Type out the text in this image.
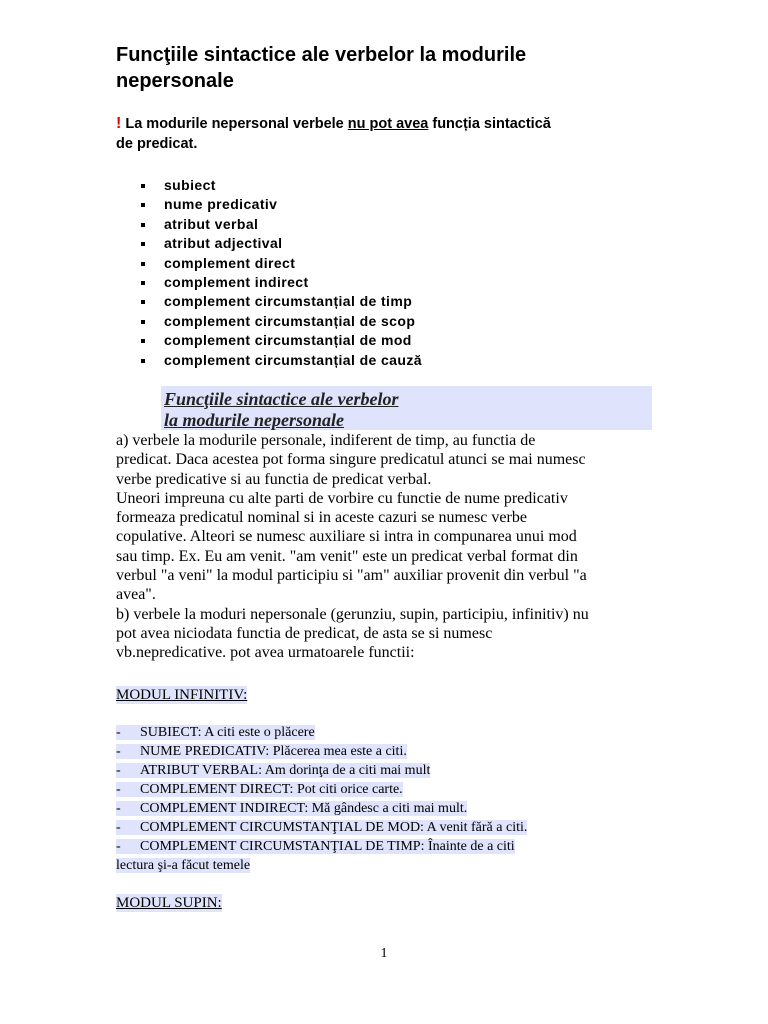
Funcţiile sintactice ale verbelor la modurile
nepersonale

! La modurile nepersonal verbele nu pot avea funcția sintactică
de predicat.

subiect
nume predicativ
atribut verbal
atribut adjectival
complement direct
complement indirect
complement circumstanțial de timp
complement circumstanțial de scop
complement circumstanțial de mod
complement circumstanțial de cauză

Funcţiile sintactice ale verbelor

la modurile nepersonale

a) verbele la modurile personale, indiferent de timp, au functia de

predicat. Daca acestea pot forma singure predicatul atunci se mai numesc

verbe predicative si au functia de predicat verbal.

Uneori impreuna cu alte parti de vorbire cu functie de nume predicativ

formeaza predicatul nominal si in aceste cazuri se numesc verbe

copulative. Alteori se numesc auxiliare si intra in compunarea unui mod

sau timp. Ex. Eu am venit. "am venit" este un predicat verbal format din

verbul "a veni" la modul participiu si "am" auxiliar provenit din verbul "a

avea".

b) verbele la moduri nepersonale (gerunziu, supin, participiu, infinitiv) nu

pot avea niciodata functia de predicat, de asta se si numesc

vb.nepredicative. pot avea urmatoarele functii:

MODUL INFINITIV:

- SUBIECT: A citi este o plăcere
- NUME PREDICATIV: Plăcerea mea este a citi.
- ATRIBUT VERBAL: Am dorinţa de a citi mai mult
- COMPLEMENT DIRECT: Pot citi orice carte.
- COMPLEMENT INDIRECT: Mă gândesc a citi mai mult.
- COMPLEMENT CIRCUMSTANŢIAL DE MOD: A venit fără a citi.
- COMPLEMENT CIRCUMSTANŢIAL DE TIMP: Înainte de a citi
lectura şi-a făcut temele

MODUL SUPIN:

1
